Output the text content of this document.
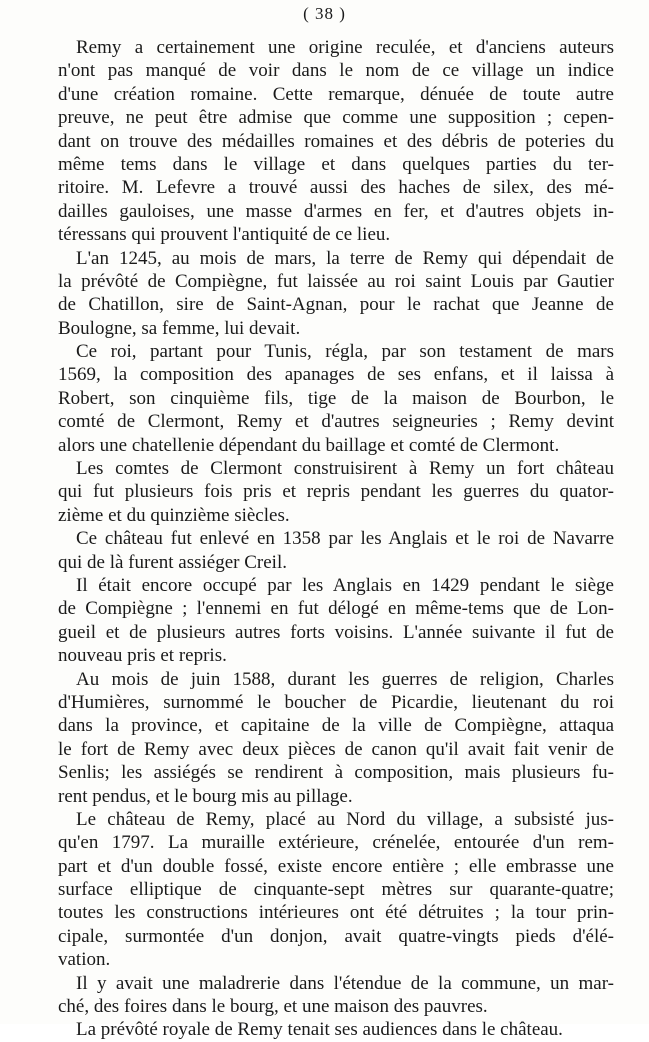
( 38 )
Remy a certainement une origine reculée, et d'anciens auteurs
n'ont pas manqué de voir dans le nom de ce village un indice
d'une création romaine. Cette remarque, dénuée de toute autre
preuve, ne peut être admise que comme une supposition ; cepen-
dant on trouve des médailles romaines et des débris de poteries du
même tems dans le village et dans quelques parties du ter-
ritoire. M. Lefevre a trouvé aussi des haches de silex, des mé-
dailles gauloises, une masse d'armes en fer, et d'autres objets in-
téressans qui prouvent l'antiquité de ce lieu.
L'an 1245, au mois de mars, la terre de Remy qui dépendait de
la prévôté de Compiègne, fut laissée au roi saint Louis par Gautier
de Chatillon, sire de Saint-Agnan, pour le rachat que Jeanne de
Boulogne, sa femme, lui devait.
Ce roi, partant pour Tunis, régla, par son testament de mars
1569, la composition des apanages de ses enfans, et il laissa à
Robert, son cinquième fils, tige de la maison de Bourbon, le
comté de Clermont, Remy et d'autres seigneuries ; Remy devint
alors une chatellenie dépendant du baillage et comté de Clermont.
Les comtes de Clermont construisirent à Remy un fort château
qui fut plusieurs fois pris et repris pendant les guerres du quator-
zième et du quinzième siècles.
Ce château fut enlevé en 1358 par les Anglais et le roi de Navarre
qui de là furent assiéger Creil.
Il était encore occupé par les Anglais en 1429 pendant le siège
de Compiègne ; l'ennemi en fut délogé en même-tems que de Lon-
gueil et de plusieurs autres forts voisins. L'année suivante il fut de
nouveau pris et repris.
Au mois de juin 1588, durant les guerres de religion, Charles
d'Humières, surnommé le boucher de Picardie, lieutenant du roi
dans la province, et capitaine de la ville de Compiègne, attaqua
le fort de Remy avec deux pièces de canon qu'il avait fait venir de
Senlis; les assiégés se rendirent à composition, mais plusieurs fu-
rent pendus, et le bourg mis au pillage.
Le château de Remy, placé au Nord du village, a subsisté jus-
qu'en 1797. La muraille extérieure, crénelée, entourée d'un rem-
part et d'un double fossé, existe encore entière ; elle embrasse une
surface elliptique de cinquante-sept mètres sur quarante-quatre;
toutes les constructions intérieures ont été détruites ; la tour prin-
cipale, surmontée d'un donjon, avait quatre-vingts pieds d'élé-
vation.
Il y avait une maladrerie dans l'étendue de la commune, un mar-
ché, des foires dans le bourg, et une maison des pauvres.
La prévôté royale de Remy tenait ses audiences dans le château.
